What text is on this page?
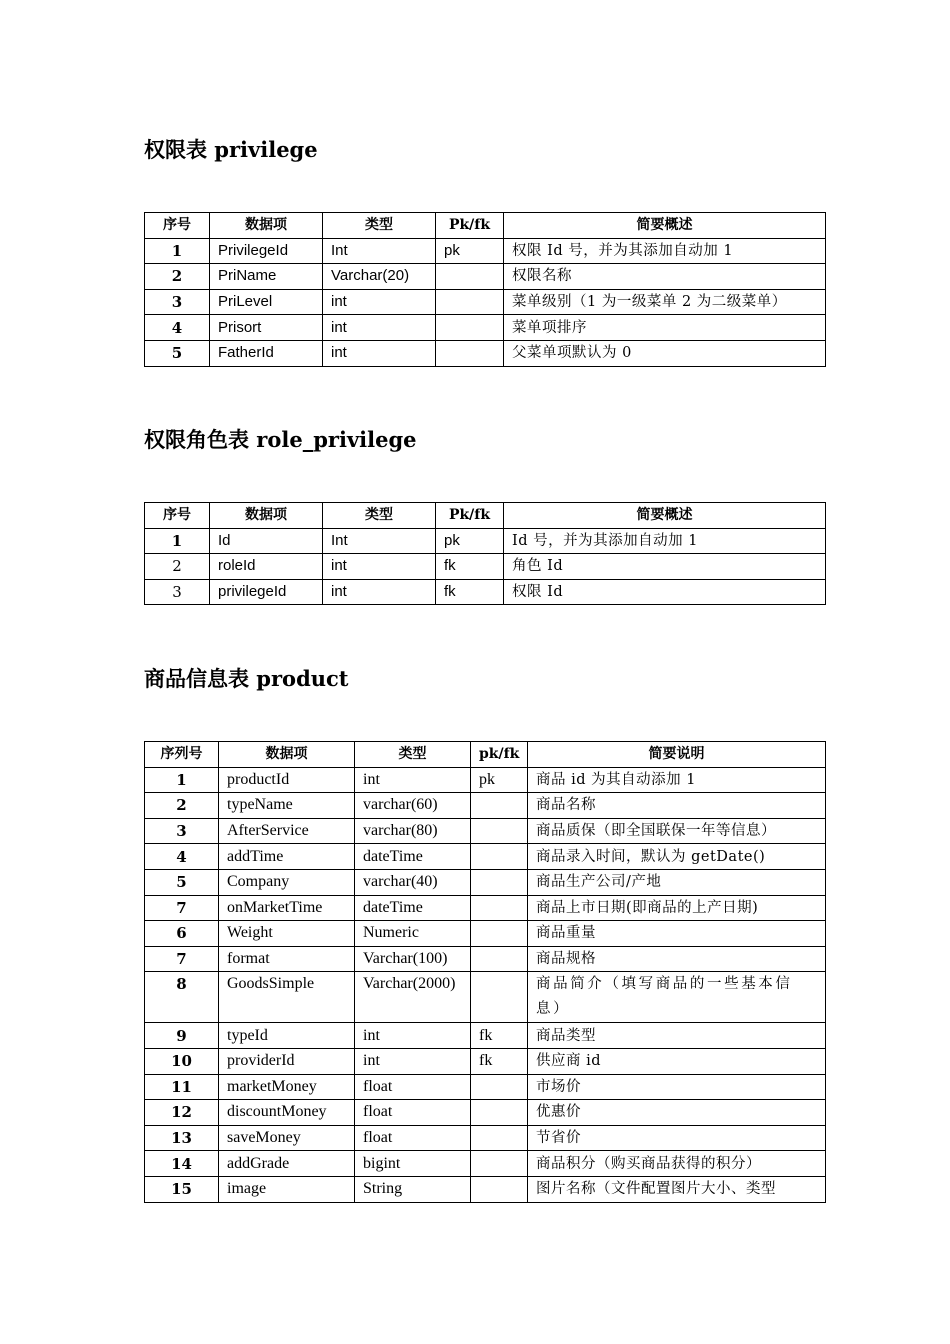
权限表 privilege
序号	数据项	类型	Pk/fk	简要概述
1	PrivilegeId	Int	pk	权限 Id 号，并为其添加自动加 1
2	PriName	Varchar(20)		权限名称
3	PriLevel	int		菜单级别（1 为一级菜单 2 为二级菜单）
4	Prisort	int		菜单项排序
5	FatherId	int		父菜单项默认为 0
权限角色表 role_privilege
序号	数据项	类型	Pk/fk	简要概述
1	Id	Int	pk	Id 号，并为其添加自动加 1
2	roleId	int	fk	角色 Id
3	privilegeId	int	fk	权限 Id
商品信息表 product
序列号	数据项	类型	pk/fk	简要说明
1	productId	int	pk	商品 id 为其自动添加 1
2	typeName	varchar(60)		商品名称
3	AfterService	varchar(80)		商品质保（即全国联保一年等信息）
4	addTime	dateTime		商品录入时间，默认为 getDate()
5	Company	varchar(40)		商品生产公司/产地
7	onMarketTime	dateTime		商品上市日期(即商品的上产日期)
6	Weight	Numeric		商品重量
7	format	Varchar(100)		商品规格
8	GoodsSimple	Varchar(2000)		商品简介（填写商品的一些基本信息）
9	typeId	int	fk	商品类型
10	providerId	int	fk	供应商 id
11	marketMoney	float		市场价
12	discountMoney	float		优惠价
13	saveMoney	float		节省价
14	addGrade	bigint		商品积分（购买商品获得的积分）
15	image	String		图片名称（文件配置图片大小、类型
